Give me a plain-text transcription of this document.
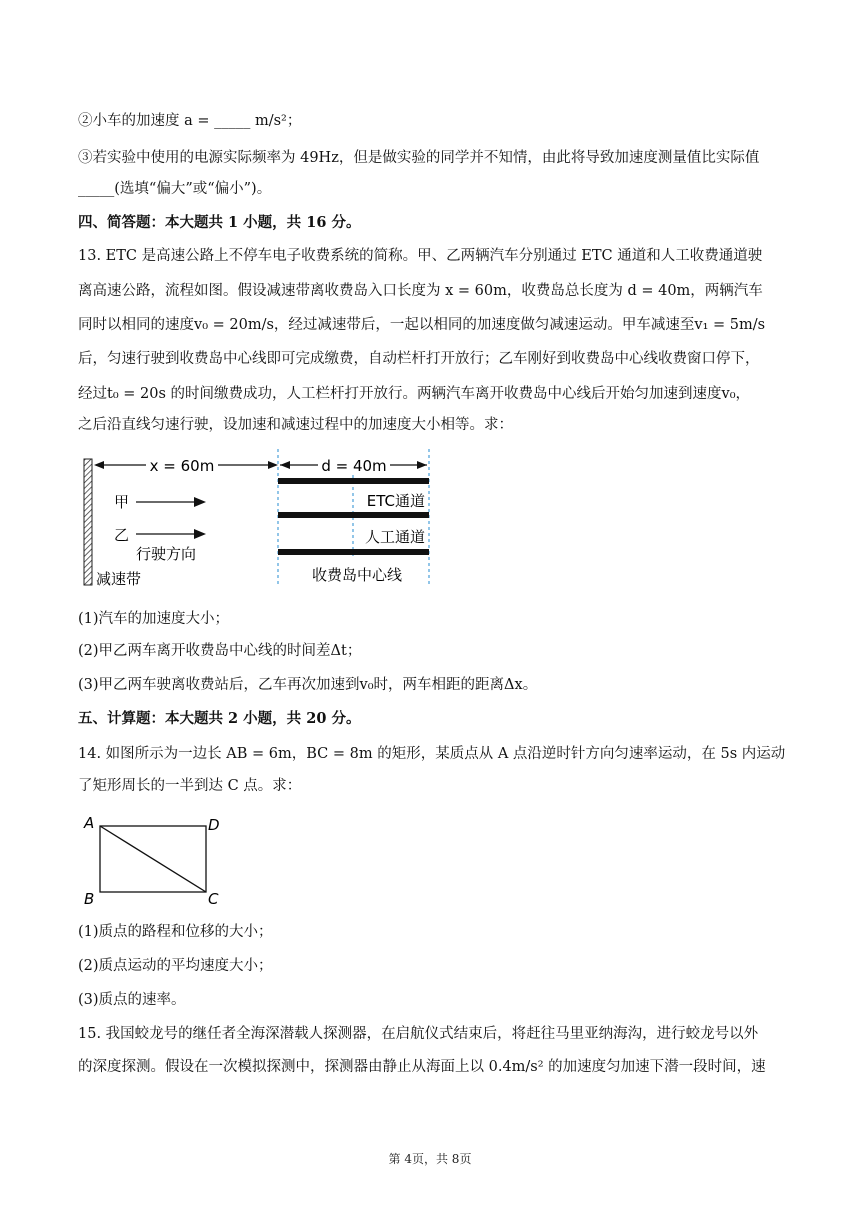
②小车的加速度 a = _____ m/s²；
③若实验中使用的电源实际频率为 49Hz，但是做实验的同学并不知情，由此将导致加速度测量值比实际值
_____(选填“偏大”或“偏小”)。
四、简答题：本大题共 1 小题，共 16 分。
13. ETC 是高速公路上不停车电子收费系统的简称。甲、乙两辆汽车分别通过 ETC 通道和人工收费通道驶
离高速公路，流程如图。假设减速带离收费岛入口长度为 x = 60m，收费岛总长度为 d = 40m，两辆汽车
同时以相同的速度v₀ = 20m/s，经过减速带后，一起以相同的加速度做匀减速运动。甲车减速至v₁ = 5m/s
后，匀速行驶到收费岛中心线即可完成缴费，自动栏杆打开放行；乙车刚好到收费岛中心线收费窗口停下，
经过t₀ = 20s 的时间缴费成功，人工栏杆打开放行。两辆汽车离开收费岛中心线后开始匀加速到速度v₀，
之后沿直线匀速行驶，设加速和减速过程中的加速度大小相等。求：
x = 60m	d = 40m
ETC通道
人工通道
收费岛中心线
甲
乙
行驶方向
减速带
(1)汽车的加速度大小；
(2)甲乙两车离开收费岛中心线的时间差Δt；
(3)甲乙两车驶离收费站后，乙车再次加速到v₀时，两车相距的距离Δx。
五、计算题：本大题共 2 小题，共 20 分。
14. 如图所示为一边长 AB = 6m，BC = 8m 的矩形，某质点从 A 点沿逆时针方向匀速率运动，在 5s 内运动
了矩形周长的一半到达 C 点。求：
A	D
B	C
(1)质点的路程和位移的大小；
(2)质点运动的平均速度大小；
(3)质点的速率。
15. 我国蛟龙号的继任者全海深潜载人探测器，在启航仪式结束后，将赶往马里亚纳海沟，进行蛟龙号以外
的深度探测。假设在一次模拟探测中，探测器由静止从海面上以 0.4m/s² 的加速度匀加速下潜一段时间，速
第 4页，共 8页
